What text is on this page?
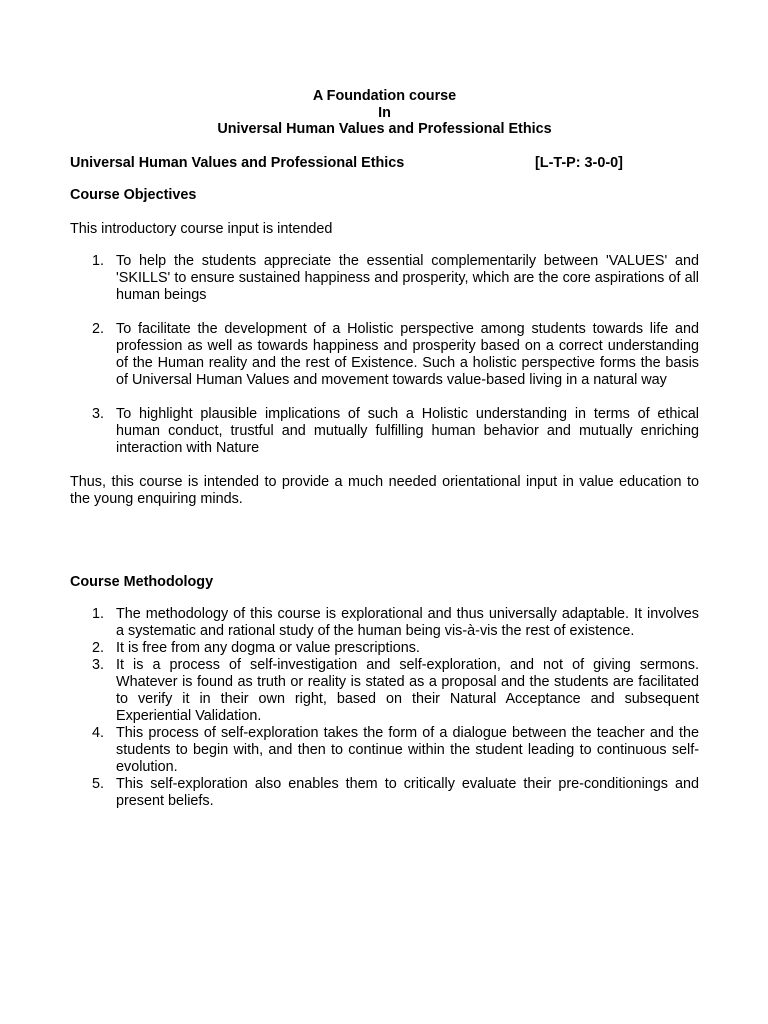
A Foundation course
In
Universal Human Values and Professional Ethics
Universal Human Values and Professional Ethics	[L-T-P: 3-0-0]
Course Objectives
This introductory course input is intended
1. To help the students appreciate the essential complementarily between 'VALUES' and 'SKILLS' to ensure sustained happiness and prosperity, which are the core aspirations of all human beings
2. To facilitate the development of a Holistic perspective among students towards life and profession as well as towards happiness and prosperity based on a correct understanding of the Human reality and the rest of Existence. Such a holistic perspective forms the basis of Universal Human Values and movement towards value-based living in a natural way
3. To highlight plausible implications of such a Holistic understanding in terms of ethical human conduct, trustful and mutually fulfilling human behavior and mutually enriching interaction with Nature
Thus, this course is intended to provide a much needed orientational input in value education to the young enquiring minds.
Course Methodology
1. The methodology of this course is explorational and thus universally adaptable. It involves a systematic and rational study of the human being vis-à-vis the rest of existence.
2. It is free from any dogma or value prescriptions.
3. It is a process of self-investigation and self-exploration, and not of giving sermons. Whatever is found as truth or reality is stated as a proposal and the students are facilitated to verify it in their own right, based on their Natural Acceptance and subsequent Experiential Validation.
4. This process of self-exploration takes the form of a dialogue between the teacher and the students to begin with, and then to continue within the student leading to continuous self-evolution.
5. This self-exploration also enables them to critically evaluate their pre-conditionings and present beliefs.
